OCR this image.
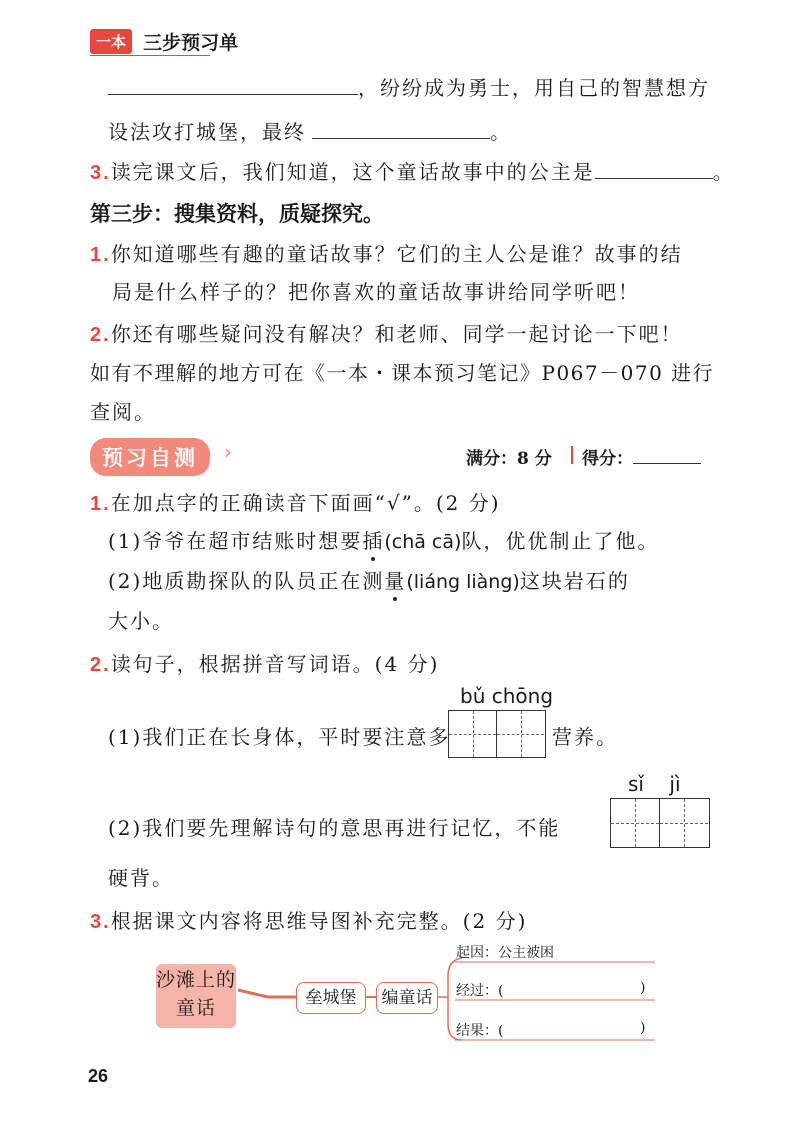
一本 三步预习单
，纷纷成为勇士，用自己的智慧想方
设法攻打城堡，最终	。
3.读完课文后，我们知道，这个童话故事中的公主是	。
第三步：搜集资料，质疑探究。
1.你知道哪些有趣的童话故事？它们的主人公是谁？故事的结
局是什么样子的？把你喜欢的童话故事讲给同学听吧！
2.你还有哪些疑问没有解决？和老师、同学一起讨论一下吧！
如有不理解的地方可在《一本・课本预习笔记》P067－070 进行
查阅。
预习自测	›	满分：8 分 得分：
1.在加点字的正确读音下面画“√”。(2 分)
(1)爷爷在超市结账时想要插(chā cā)队，优优制止了他。
(2)地质勘探队的队员正在测量(liáng liàng)这块岩石的
大小。
2.读句子，根据拼音写词语。(4 分)
bǔ chōng
(1)我们正在长身体，平时要注意多	营养。
sǐ    jì
(2)我们要先理解诗句的意思再进行记忆，不能
硬背。
3.根据课文内容将思维导图补充完整。(2 分)
沙滩上的童话	垒城堡	编童话
起因：公主被困
经过：(	)
结果：(	)
26
